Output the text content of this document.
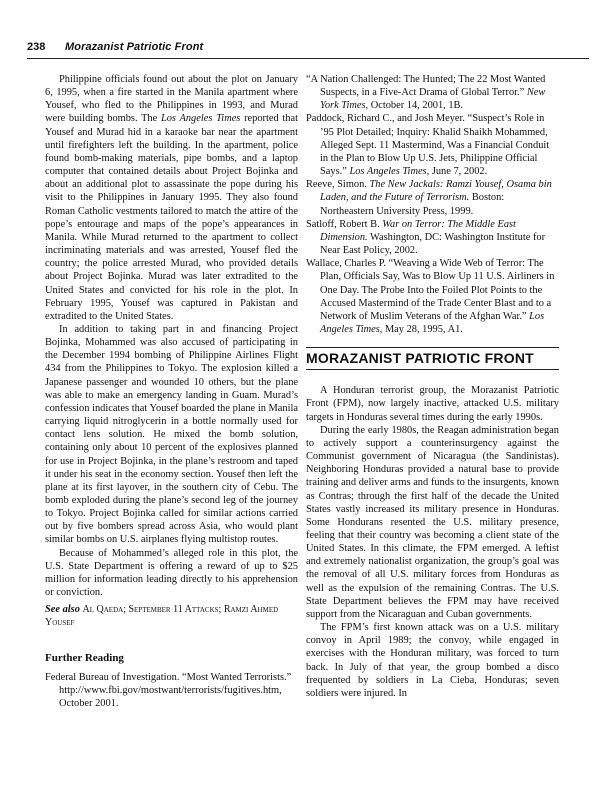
238 Morazanist Patriotic Front

Philippine officials found out about the plot on January 6, 1995, when a fire started in the Manila apartment where Yousef, who fled to the Philippines in 1993, and Murad were building bombs. The Los Angeles Times reported that Yousef and Murad hid in a karaoke bar near the apartment until firefighters left the building. In the apartment, police found bomb-making materials, pipe bombs, and a laptop computer that contained details about Project Bojinka and about an additional plot to assassinate the pope during his visit to the Philippines in January 1995. They also found Roman Catholic vestments tailored to match the attire of the pope’s entourage and maps of the pope’s appearances in Manila. While Murad returned to the apartment to collect incriminating materials and was arrested, Yousef fled the country; the police arrested Murad, who provided details about Project Bojinka. Murad was later extradited to the United States and convicted for his role in the plot. In February 1995, Yousef was captured in Pakistan and extradited to the United States.

In addition to taking part in and financing Project Bojinka, Mohammed was also accused of participating in the December 1994 bombing of Philippine Airlines Flight 434 from the Philippines to Tokyo. The explosion killed a Japanese passenger and wounded 10 others, but the plane was able to make an emergency landing in Guam. Murad’s confession indicates that Yousef boarded the plane in Manila carrying liquid nitroglycerin in a bottle normally used for contact lens solution. He mixed the bomb solution, containing only about 10 percent of the explosives planned for use in Project Bojinka, in the plane’s restroom and taped it under his seat in the economy section. Yousef then left the plane at its first layover, in the southern city of Cebu. The bomb exploded during the plane’s second leg of the journey to Tokyo. Project Bojinka called for similar actions carried out by five bombers spread across Asia, who would plant similar bombs on U.S. airplanes flying multistop routes.

Because of Mohammed’s alleged role in this plot, the U.S. State Department is offering a reward of up to $25 million for information leading directly to his apprehension or conviction.

See also Al Qaeda; September 11 Attacks; Ramzi Ahmed Yousef

Further Reading

Federal Bureau of Investigation. “Most Wanted Terrorists.” http://www.fbi.gov/mostwant/terrorists/fugitives.htm, October 2001.

“A Nation Challenged: The Hunted; The 22 Most Wanted Suspects, in a Five-Act Drama of Global Terror.” New York Times, October 14, 2001, 1B.

Paddock, Richard C., and Josh Meyer. “Suspect’s Role in ’95 Plot Detailed; Inquiry: Khalid Shaikh Mohammed, Alleged Sept. 11 Mastermind, Was a Financial Conduit in the Plan to Blow Up U.S. Jets, Philippine Official Says.” Los Angeles Times, June 7, 2002.

Reeve, Simon. The New Jackals: Ramzi Yousef, Osama bin Laden, and the Future of Terrorism. Boston: Northeastern University Press, 1999.

Satloff, Robert B. War on Terror: The Middle East Dimension. Washington, DC: Washington Institute for Near East Policy, 2002.

Wallace, Charles P. “Weaving a Wide Web of Terror: The Plan, Officials Say, Was to Blow Up 11 U.S. Airliners in One Day. The Probe Into the Foiled Plot Points to the Accused Mastermind of the Trade Center Blast and to a Network of Muslim Veterans of the Afghan War.” Los Angeles Times, May 28, 1995, A1.

MORAZANIST PATRIOTIC FRONT

A Honduran terrorist group, the Morazanist Patriotic Front (FPM), now largely inactive, attacked U.S. military targets in Honduras several times during the early 1990s.

During the early 1980s, the Reagan administration began to actively support a counterinsurgency against the Communist government of Nicaragua (the Sandinistas). Neighboring Honduras provided a natural base to provide training and deliver arms and funds to the insurgents, known as Contras; through the first half of the decade the United States vastly increased its military presence in Honduras. Some Hondurans resented the U.S. military presence, feeling that their country was becoming a client state of the United States. In this climate, the FPM emerged. A leftist and extremely nationalist organization, the group’s goal was the removal of all U.S. military forces from Honduras as well as the expulsion of the remaining Contras. The U.S. State Department believes the FPM may have received support from the Nicaraguan and Cuban governments.

The FPM’s first known attack was on a U.S. military convoy in April 1989; the convoy, while engaged in exercises with the Honduran military, was forced to turn back. In July of that year, the group bombed a disco frequented by soldiers in La Cieba, Honduras; seven soldiers were injured. In
